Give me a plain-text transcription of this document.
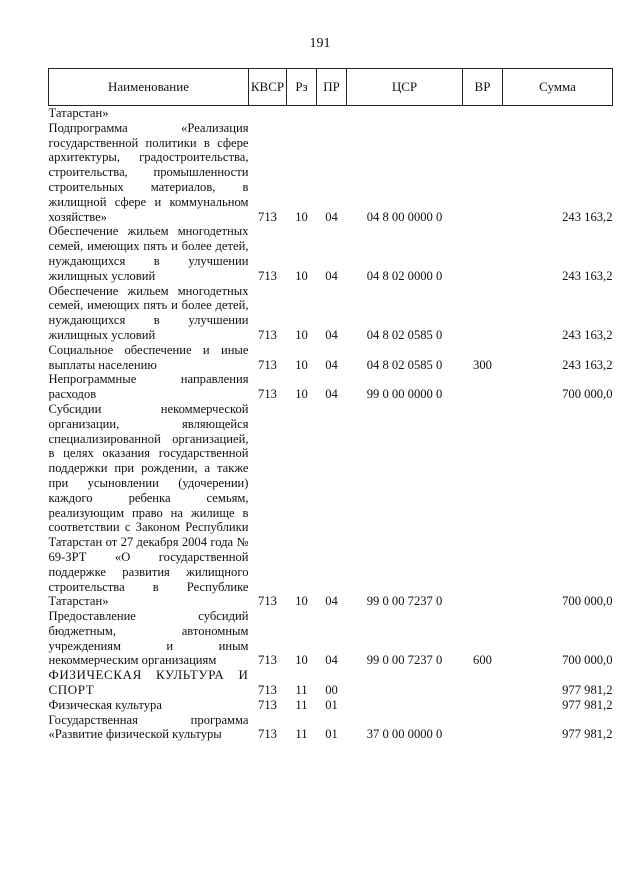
191
Наименование	КВСР	Рз	ПР	ЦСР	ВР	Сумма
Татарстан»						
Подпрограмма «Реализация государственной политики в сфере архитектуры, градостроительства, строительства, промышленности строительных материалов, в жилищной сфере и коммунальном хозяйстве»	713	10	04	04 8 00 0000 0		243 163,2
Обеспечение жильем многодетных семей, имеющих пять и более детей, нуждающихся в улучшении жилищных условий	713	10	04	04 8 02 0000 0		243 163,2
Обеспечение жильем многодетных семей, имеющих пять и более детей, нуждающихся в улучшении жилищных условий	713	10	04	04 8 02 0585 0		243 163,2
Социальное обеспечение и иные выплаты населению	713	10	04	04 8 02 0585 0	300	243 163,2
Непрограммные направления расходов	713	10	04	99 0 00 0000 0		700 000,0
Субсидии некоммерческой организации, являющейся специализированной организацией, в целях оказания государственной поддержки при рождении, а также при усыновлении (удочерении) каждого ребенка семьям, реализующим право на жилище в соответствии с Законом Республики Татарстан от 27 декабря 2004 года № 69-ЗРТ «О государственной поддержке развития жилищного строительства в Республике Татарстан»	713	10	04	99 0 00 7237 0		700 000,0
Предоставление субсидий бюджетным, автономным учреждениям и иным некоммерческим организациям	713	10	04	99 0 00 7237 0	600	700 000,0
ФИЗИЧЕСКАЯ КУЛЬТУРА И СПОРТ	713	11	00			977 981,2
Физическая культура	713	11	01			977 981,2
Государственная программа «Развитие физической культуры	713	11	01	37 0 00 0000 0		977 981,2
